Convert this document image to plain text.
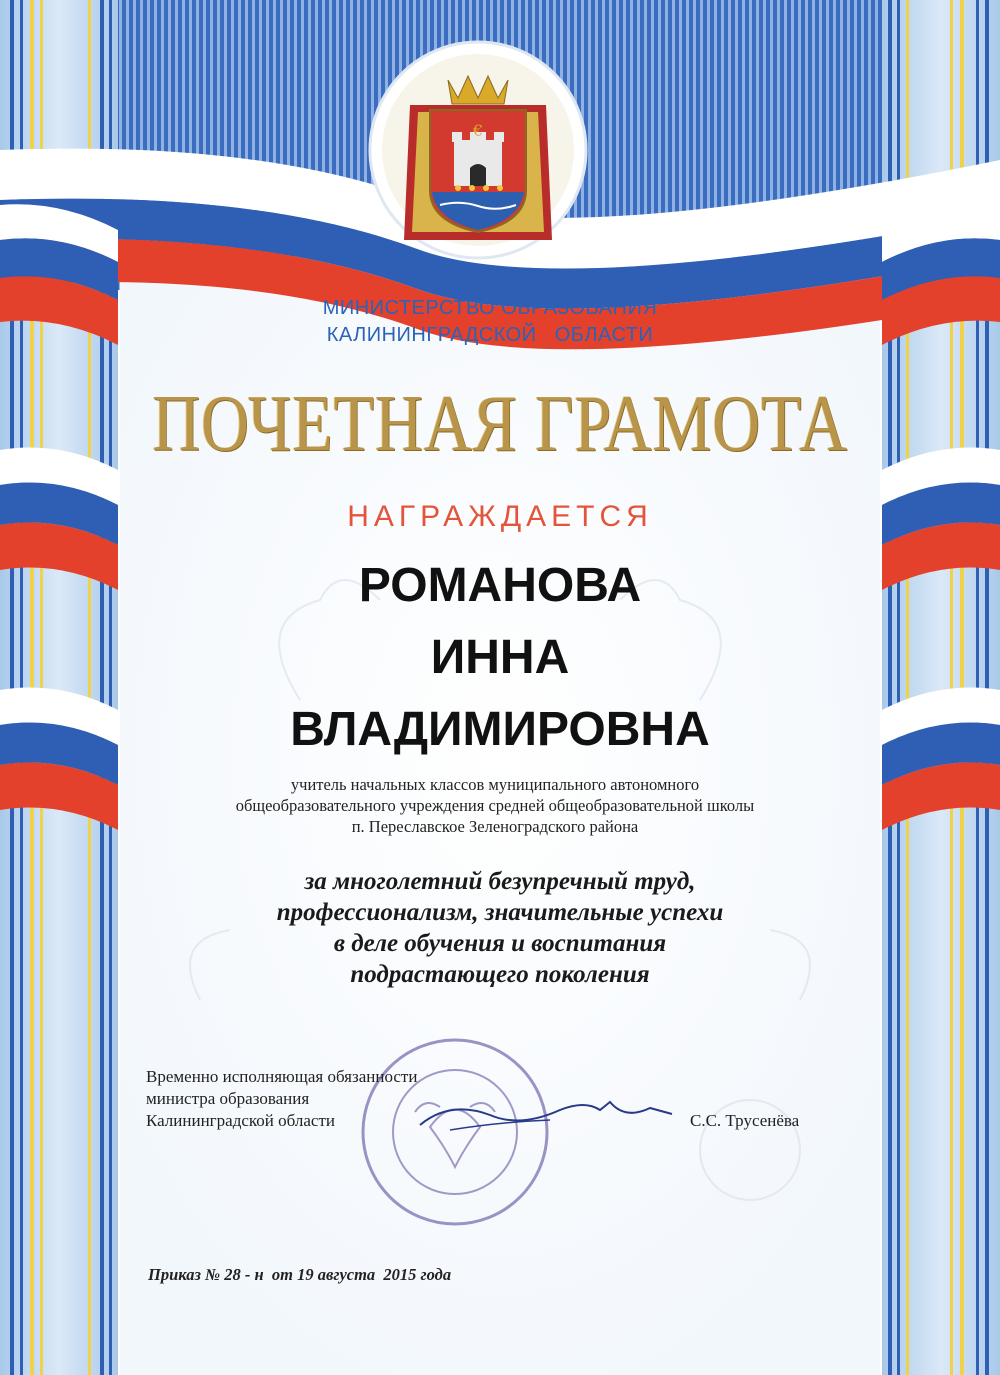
€

МИНИСТЕРСТВО ОБРАЗОВАНИЯ
КАЛИНИНГРАДСКОЙ   ОБЛАСТИ

ПОЧЕТНАЯ ГРАМОТА

НАГРАЖДАЕТСЯ

РОМАНОВА

ИННА

ВЛАДИМИРОВНА

учитель начальных классов муниципального автономного
общеобразовательного учреждения средней общеобразовательной школы
п. Переславское Зеленоградского района

за многолетний безупречный труд,
профессионализм, значительные успехи
в деле обучения и воспитания
подрастающего поколения

Временно исполняющая обязанности
министра образования
Калининградской области	С.С. Трусенёва

Приказ № 28 - н  от 19 августа  2015 года
